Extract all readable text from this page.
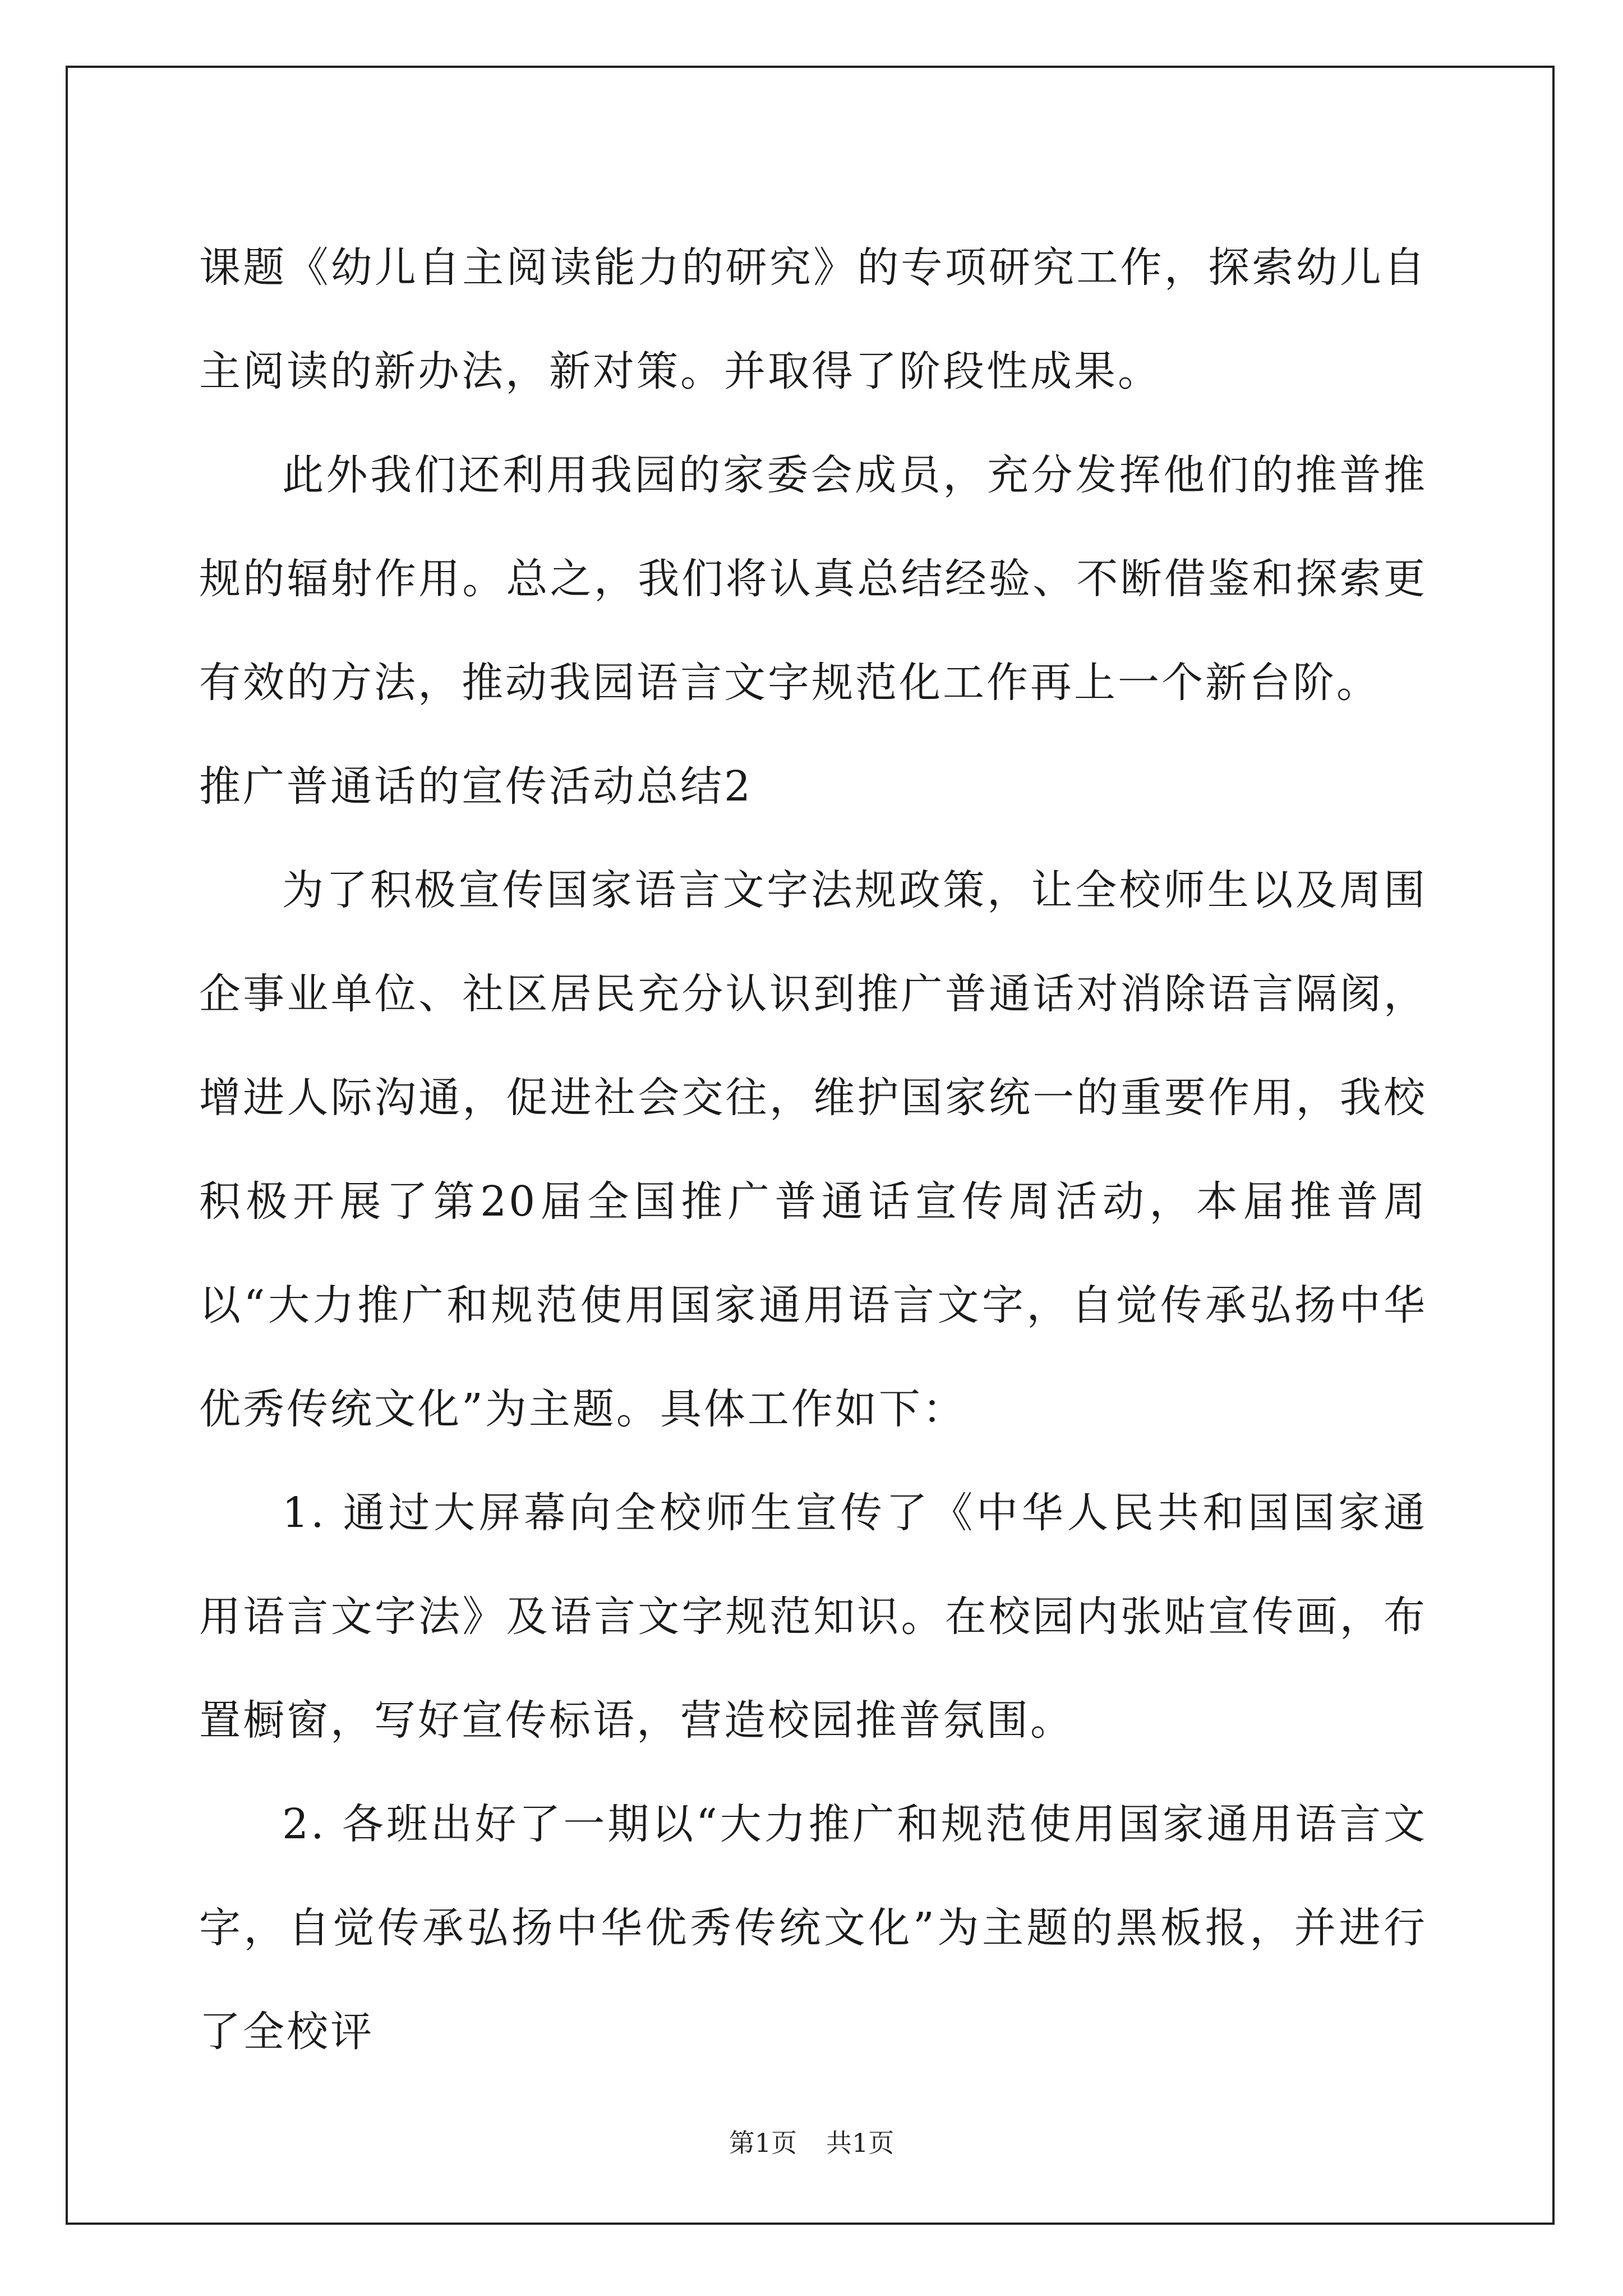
课题《幼儿自主阅读能力的研究》的专项研究工作，探索幼儿自主阅读的新办法，新对策。并取得了阶段性成果。

此外我们还利用我园的家委会成员，充分发挥他们的推普推规的辐射作用。总之，我们将认真总结经验、不断借鉴和探索更有效的方法，推动我园语言文字规范化工作再上一个新台阶。

推广普通话的宣传活动总结2

为了积极宣传国家语言文字法规政策，让全校师生以及周围企事业单位、社区居民充分认识到推广普通话对消除语言隔阂，增进人际沟通，促进社会交往，维护国家统一的重要作用，我校积极开展了第20届全国推广普通话宣传周活动，本届推普周以“大力推广和规范使用国家通用语言文字，自觉传承弘扬中华优秀传统文化”为主题。具体工作如下：

1. 通过大屏幕向全校师生宣传了《中华人民共和国国家通用语言文字法》及语言文字规范知识。在校园内张贴宣传画，布置橱窗，写好宣传标语，营造校园推普氛围。

2. 各班出好了一期以“大力推广和规范使用国家通用语言文字，自觉传承弘扬中华优秀传统文化”为主题的黑板报，并进行了全校评

第1页 共1页
